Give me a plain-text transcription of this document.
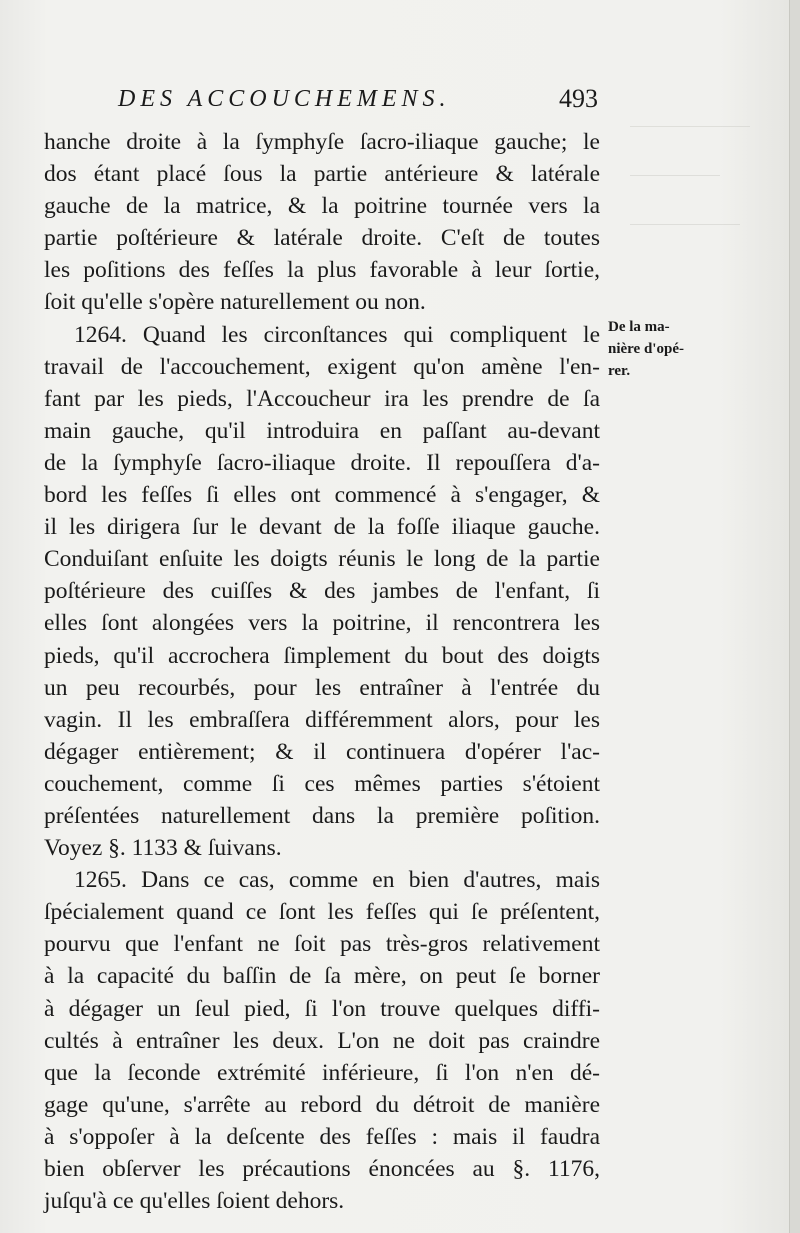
DES ACCOUCHEMENS.	493
hanche droite à la ſymphyſe ſacro-iliaque gauche; le
dos étant placé ſous la partie antérieure & latérale
gauche de la matrice, & la poitrine tournée vers la
partie poſtérieure & latérale droite. C'eſt de toutes
les poſitions des feſſes la plus favorable à leur ſortie,
ſoit qu'elle s'opère naturellement ou non.
1264. Quand les circonſtances qui compliquent le
travail de l'accouchement, exigent qu'on amène l'en-
fant par les pieds, l'Accoucheur ira les prendre de ſa
main gauche, qu'il introduira en paſſant au-devant
de la ſymphyſe ſacro-iliaque droite. Il repouſſera d'a-
bord les feſſes ſi elles ont commencé à s'engager, &
il les dirigera ſur le devant de la foſſe iliaque gauche.
Conduiſant enſuite les doigts réunis le long de la partie
poſtérieure des cuiſſes & des jambes de l'enfant, ſi
elles ſont alongées vers la poitrine, il rencontrera les
pieds, qu'il accrochera ſimplement du bout des doigts
un peu recourbés, pour les entraîner à l'entrée du
vagin. Il les embraſſera différemment alors, pour les
dégager entièrement; & il continuera d'opérer l'ac-
couchement, comme ſi ces mêmes parties s'étoient
préſentées naturellement dans la première poſition.
Voyez §. 1133 & ſuivans.
1265. Dans ce cas, comme en bien d'autres, mais
ſpécialement quand ce ſont les feſſes qui ſe préſentent,
pourvu que l'enfant ne ſoit pas très-gros relativement
à la capacité du baſſin de ſa mère, on peut ſe borner
à dégager un ſeul pied, ſi l'on trouve quelques diffi-
cultés à entraîner les deux. L'on ne doit pas craindre
que la ſeconde extrémité inférieure, ſi l'on n'en dé-
gage qu'une, s'arrête au rebord du détroit de manière
à s'oppoſer à la deſcente des feſſes : mais il faudra
bien obſerver les précautions énoncées au §. 1176,
juſqu'à ce qu'elles ſoient dehors.
De la ma-
nière d'opé-
rer.
